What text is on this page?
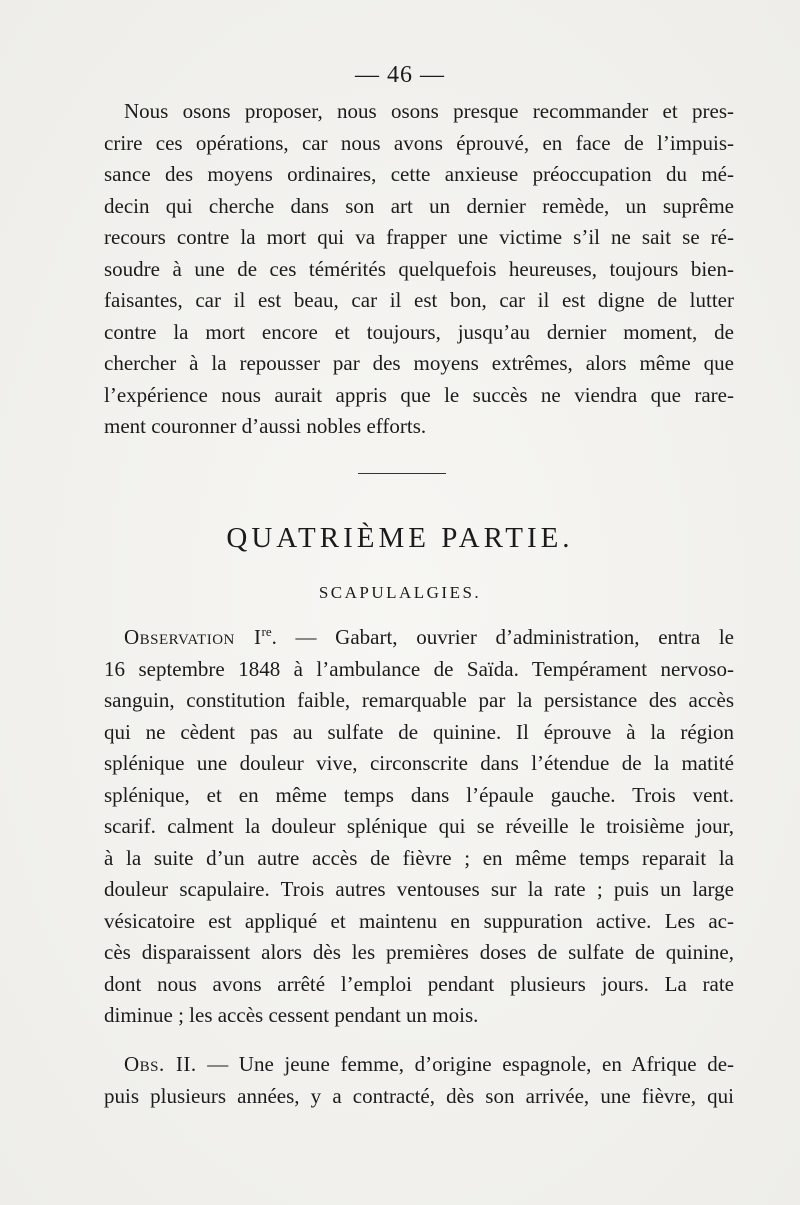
— 46 —
Nous osons proposer, nous osons presque recommander et pres-
crire ces opérations, car nous avons éprouvé, en face de l’impuis-
sance des moyens ordinaires, cette anxieuse préoccupation du mé-
decin qui cherche dans son art un dernier remède, un suprême
recours contre la mort qui va frapper une victime s’il ne sait se ré-
soudre à une de ces témérités quelquefois heureuses, toujours bien-
faisantes, car il est beau, car il est bon, car il est digne de lutter
contre la mort encore et toujours, jusqu’au dernier moment, de
chercher à la repousser par des moyens extrêmes, alors même que
l’expérience nous aurait appris que le succès ne viendra que rare-
ment couronner d’aussi nobles efforts.
QUATRIÈME PARTIE.
SCAPULALGIES.
Observation Ire. — Gabart, ouvrier d’administration, entra le
16 septembre 1848 à l’ambulance de Saïda. Tempérament nervoso-
sanguin, constitution faible, remarquable par la persistance des accès
qui ne cèdent pas au sulfate de quinine. Il éprouve à la région
splénique une douleur vive, circonscrite dans l’étendue de la matité
splénique, et en même temps dans l’épaule gauche. Trois vent.
scarif. calment la douleur splénique qui se réveille le troisième jour,
à la suite d’un autre accès de fièvre ; en même temps reparait la
douleur scapulaire. Trois autres ventouses sur la rate ; puis un large
vésicatoire est appliqué et maintenu en suppuration active. Les ac-
cès disparaissent alors dès les premières doses de sulfate de quinine,
dont nous avons arrêté l’emploi pendant plusieurs jours. La rate
diminue ; les accès cessent pendant un mois.
Obs. II. — Une jeune femme, d’origine espagnole, en Afrique de-
puis plusieurs années, y a contracté, dès son arrivée, une fièvre, qui
